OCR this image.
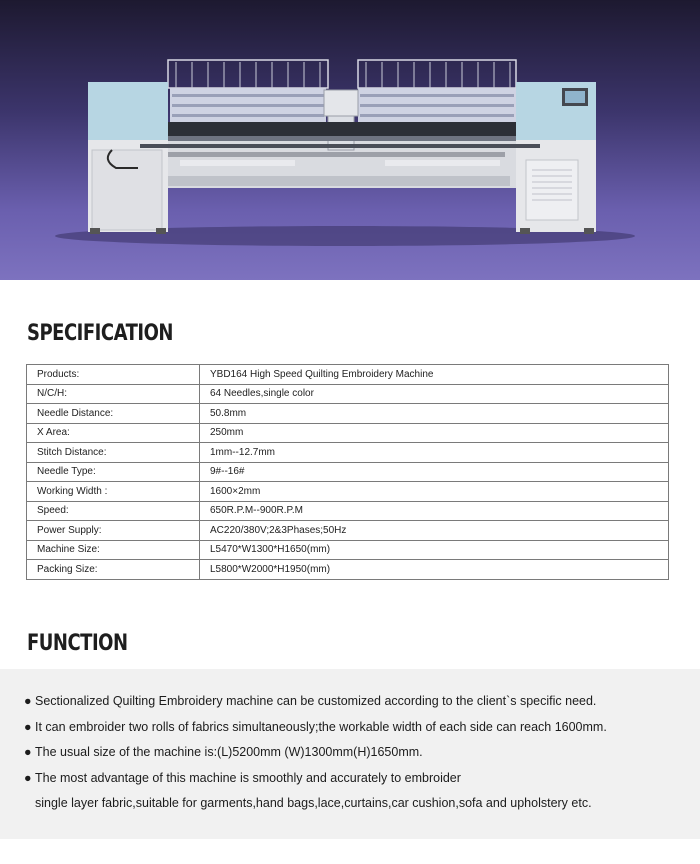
SPECIFICATION
Products:	YBD164 High Speed Quilting Embroidery Machine
N/C/H:	64 Needles,single color
Needle Distance:	50.8mm
X Area:	250mm
Stitch Distance:	1mm--12.7mm
Needle Type:	9#--16#
Working Width :	1600×2mm
Speed:	650R.P.M--900R.P.M
Power Supply:	AC220/380V;2&3Phases;50Hz
Machine Size:	L5470*W1300*H1650(mm)
Packing Size:	L5800*W2000*H1950(mm)
FUNCTION
● Sectionalized Quilting Embroidery machine can be customized according to the client`s specific need.
● It can embroider two rolls of fabrics simultaneously;the workable width of each side can reach 1600mm.
● The usual size of the machine is:(L)5200mm (W)1300mm(H)1650mm.
● The most advantage of this machine is smoothly and accurately to embroider
single layer fabric,suitable for garments,hand bags,lace,curtains,car cushion,sofa and upholstery etc.
